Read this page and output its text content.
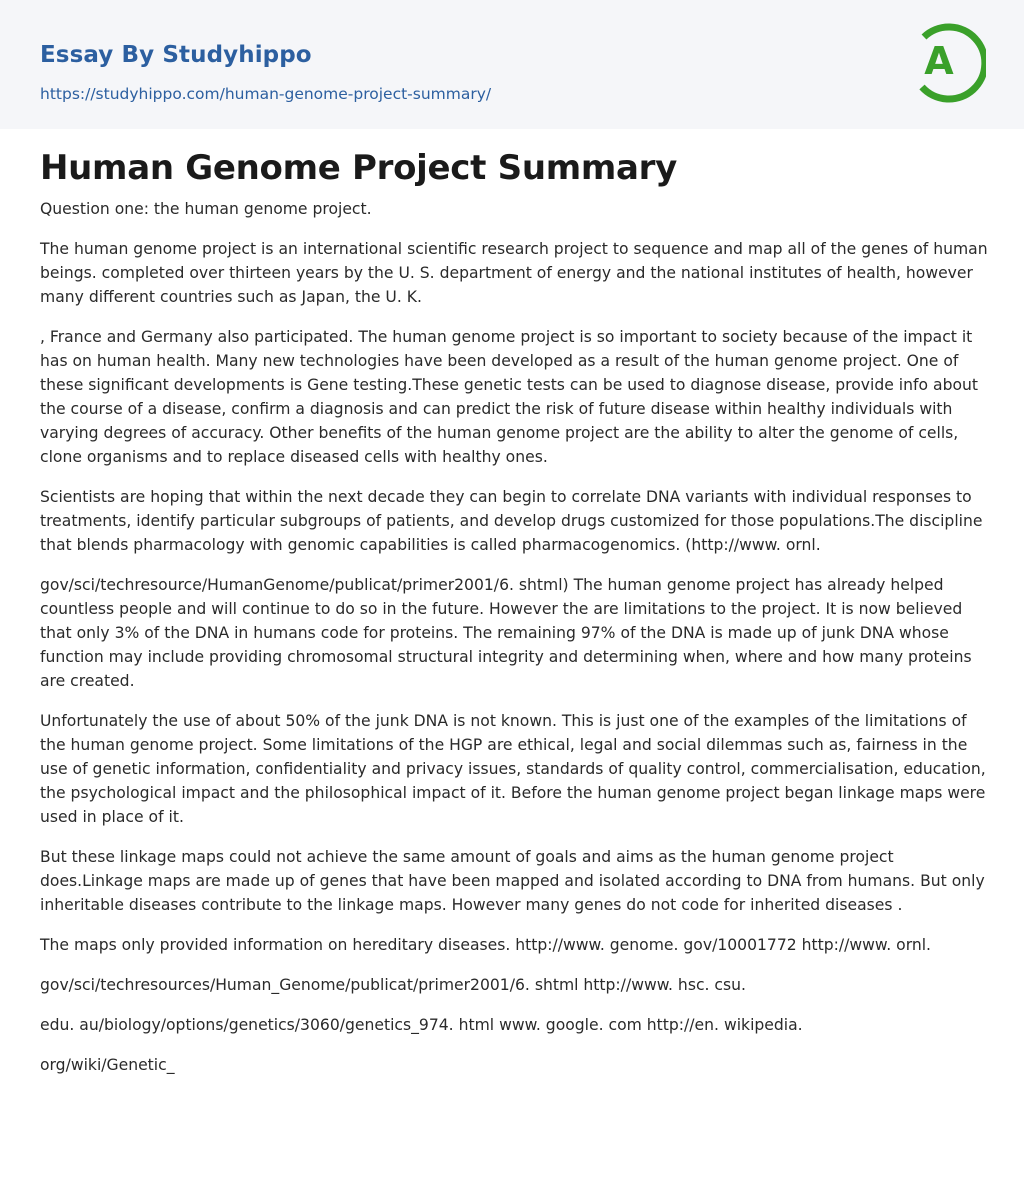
Essay By Studyhippo
https://studyhippo.com/human-genome-project-summary/
A
Human Genome Project Summary

Question one: the human genome project.

The human genome project is an international scientific research project to sequence and map all of the genes of human beings. completed over thirteen years by the U. S. department of energy and the national institutes of health, however many different countries such as Japan, the U. K.

, France and Germany also participated. The human genome project is so important to society because of the impact it has on human health. Many new technologies have been developed as a result of the human genome project. One of these significant developments is Gene testing.These genetic tests can be used to diagnose disease, provide info about the course of a disease, confirm a diagnosis and can predict the risk of future disease within healthy individuals with varying degrees of accuracy. Other benefits of the human genome project are the ability to alter the genome of cells, clone organisms and to replace diseased cells with healthy ones.

Scientists are hoping that within the next decade they can begin to correlate DNA variants with individual responses to treatments, identify particular subgroups of patients, and develop drugs customized for those populations.The discipline that blends pharmacology with genomic capabilities is called pharmacogenomics. (http://www. ornl.

gov/sci/techresource/HumanGenome/publicat/primer2001/6. shtml) The human genome project has already helped countless people and will continue to do so in the future. However the are limitations to the project. It is now believed that only 3% of the DNA in humans code for proteins. The remaining 97% of the DNA is made up of junk DNA whose function may include providing chromosomal structural integrity and determining when, where and how many proteins are created.

Unfortunately the use of about 50% of the junk DNA is not known. This is just one of the examples of the limitations of the human genome project. Some limitations of the HGP are ethical, legal and social dilemmas such as, fairness in the use of genetic information, confidentiality and privacy issues, standards of quality control, commercialisation, education, the psychological impact and the philosophical impact of it. Before the human genome project began linkage maps were used in place of it.

But these linkage maps could not achieve the same amount of goals and aims as the human genome project does.Linkage maps are made up of genes that have been mapped and isolated according to DNA from humans. But only inheritable diseases contribute to the linkage maps. However many genes do not code for inherited diseases .

The maps only provided information on hereditary diseases. http://www. genome. gov/10001772 http://www. ornl.

gov/sci/techresources/Human_Genome/publicat/primer2001/6. shtml http://www. hsc. csu.

edu. au/biology/options/genetics/3060/genetics_974. html www. google. com http://en. wikipedia.

org/wiki/Genetic_
